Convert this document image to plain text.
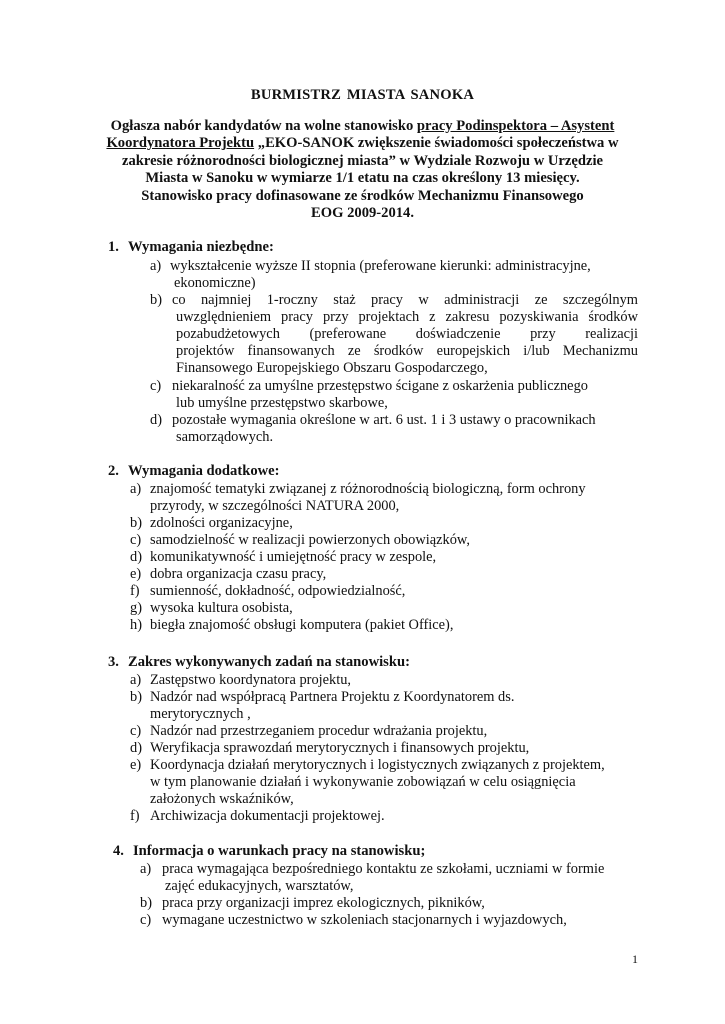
BURMISTRZ MIASTA SANOKA
Ogłasza nabór kandydatów na wolne stanowisko pracy Podinspektora – Asystent
Koordynatora Projektu „EKO-SANOK zwiększenie świadomości społeczeństwa w
zakresie różnorodności biologicznej miasta” w Wydziale Rozwoju w Urzędzie
Miasta w Sanoku w wymiarze 1/1 etatu na czas określony 13 miesięcy.
Stanowisko pracy dofinasowane ze środków Mechanizmu Finansowego
EOG 2009-2014.
1. Wymagania niezbędne:
a) wykształcenie wyższe II stopnia (preferowane kierunki: administracyjne,
ekonomiczne)
b) co najmniej 1-roczny staż pracy w administracji ze szczególnym
uwzględnieniem pracy przy projektach z zakresu pozyskiwania środków
pozabudżetowych (preferowane doświadczenie przy realizacji
projektów finansowanych ze środków europejskich i/lub Mechanizmu
Finansowego Europejskiego Obszaru Gospodarczego,
c) niekaralność za umyślne przestępstwo ścigane z oskarżenia publicznego
lub umyślne przestępstwo skarbowe,
d) pozostałe wymagania określone w art. 6 ust. 1 i 3 ustawy o pracownikach
samorządowych.
2. Wymagania dodatkowe:
a) znajomość tematyki związanej z różnorodnością biologiczną, form ochrony
przyrody, w szczególności NATURA 2000,
b) zdolności organizacyjne,
c) samodzielność w realizacji powierzonych obowiązków,
d) komunikatywność i umiejętność pracy w zespole,
e) dobra organizacja czasu pracy,
f) sumienność, dokładność, odpowiedzialność,
g) wysoka kultura osobista,
h) biegła znajomość obsługi komputera (pakiet Office),
3. Zakres wykonywanych zadań na stanowisku:
a) Zastępstwo koordynatora projektu,
b) Nadzór nad współpracą Partnera Projektu z Koordynatorem ds.
merytorycznych ,
c) Nadzór nad przestrzeganiem procedur wdrażania projektu,
d) Weryfikacja sprawozdań merytorycznych i finansowych projektu,
e) Koordynacja działań merytorycznych i logistycznych związanych z projektem,
w tym planowanie działań i wykonywanie zobowiązań w celu osiągnięcia
założonych wskaźników,
f) Archiwizacja dokumentacji projektowej.
4. Informacja o warunkach pracy na stanowisku;
a) praca wymagająca bezpośredniego kontaktu ze szkołami, uczniami w formie
zajęć edukacyjnych, warsztatów,
b) praca przy organizacji imprez ekologicznych, pikników,
c) wymagane uczestnictwo w szkoleniach stacjonarnych i wyjazdowych,
1
